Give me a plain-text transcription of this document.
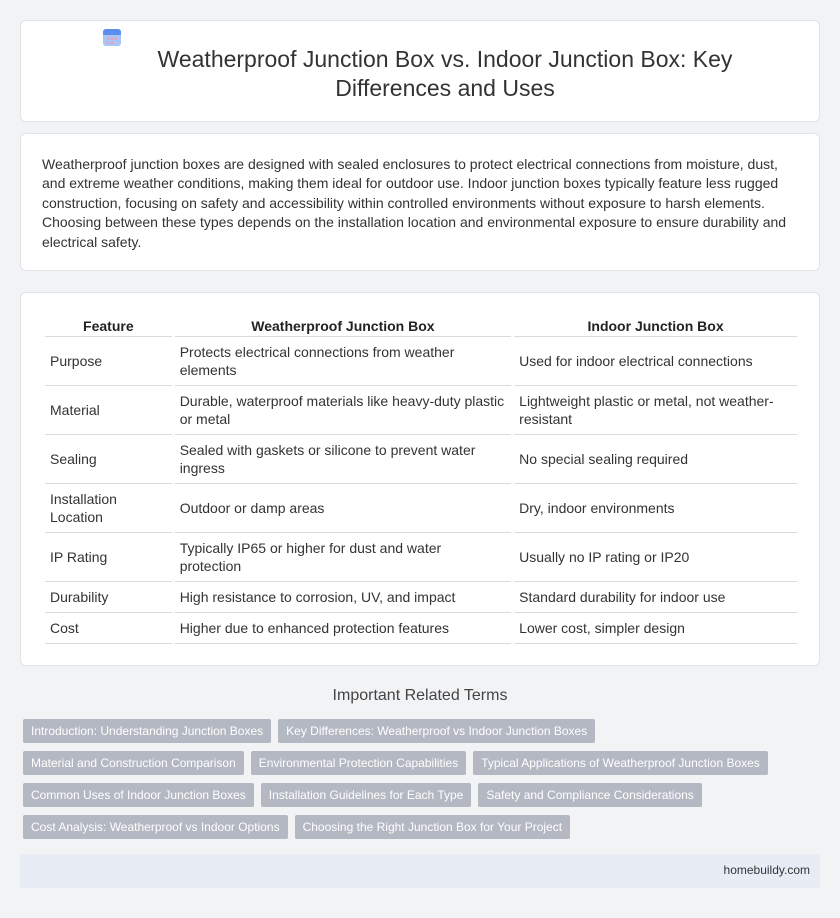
Weatherproof Junction Box vs. Indoor Junction Box: Key Differences and Uses

Weatherproof junction boxes are designed with sealed enclosures to protect electrical connections from moisture, dust, and extreme weather conditions, making them ideal for outdoor use. Indoor junction boxes typically feature less rugged construction, focusing on safety and accessibility within controlled environments without exposure to harsh elements. Choosing between these types depends on the installation location and environmental exposure to ensure durability and electrical safety.

Feature	Weatherproof Junction Box	Indoor Junction Box
Purpose	Protects electrical connections from weather elements	Used for indoor electrical connections
Material	Durable, waterproof materials like heavy-duty plastic or metal	Lightweight plastic or metal, not weather-resistant
Sealing	Sealed with gaskets or silicone to prevent water ingress	No special sealing required
Installation Location	Outdoor or damp areas	Dry, indoor environments
IP Rating	Typically IP65 or higher for dust and water protection	Usually no IP rating or IP20
Durability	High resistance to corrosion, UV, and impact	Standard durability for indoor use
Cost	Higher due to enhanced protection features	Lower cost, simpler design
Important Related Terms
Introduction: Understanding Junction Boxes	Key Differences: Weatherproof vs Indoor Junction Boxes
Material and Construction Comparison	Environmental Protection Capabilities	Typical Applications of Weatherproof Junction Boxes
Common Uses of Indoor Junction Boxes	Installation Guidelines for Each Type	Safety and Compliance Considerations
Cost Analysis: Weatherproof vs Indoor Options	Choosing the Right Junction Box for Your Project
homebuildy.com
